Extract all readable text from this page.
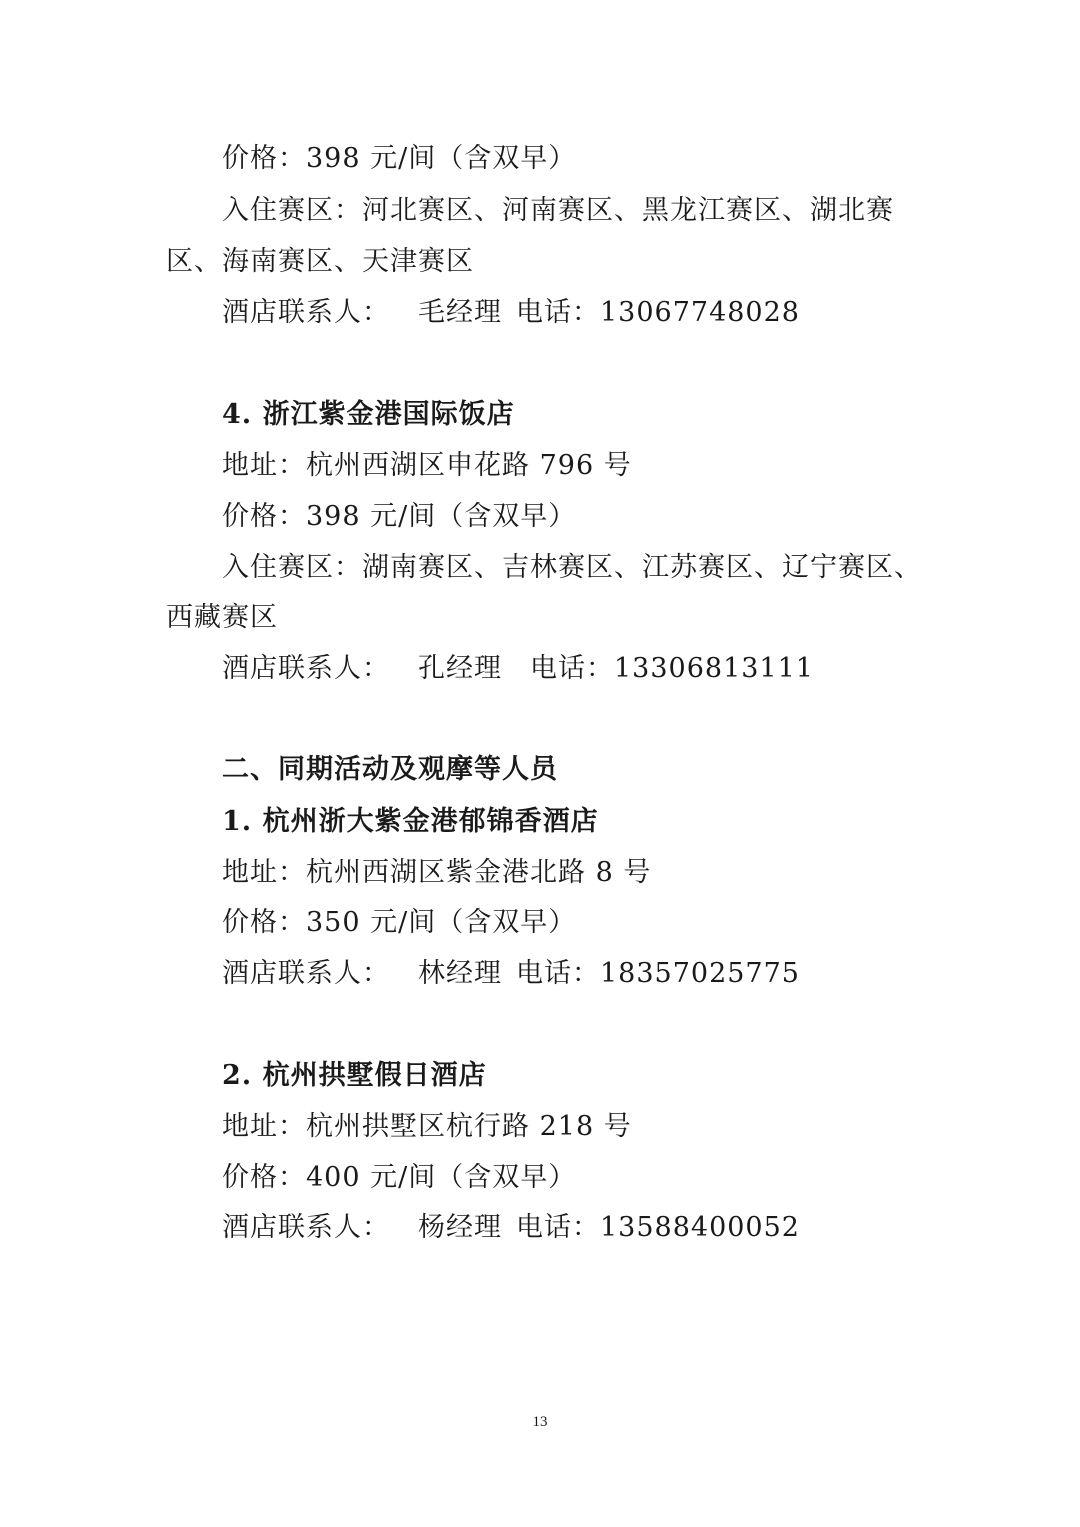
价格：398 元/间（含双早）
入住赛区：河北赛区、河南赛区、黑龙江赛区、湖北赛
区、海南赛区、天津赛区
酒店联系人： 毛经理 电话：13067748028
4. 浙江紫金港国际饭店
地址：杭州西湖区申花路 796 号
价格：398 元/间（含双早）
入住赛区：湖南赛区、吉林赛区、江苏赛区、辽宁赛区、
西藏赛区
酒店联系人： 孔经理 电话：13306813111
二、同期活动及观摩等人员
1. 杭州浙大紫金港郁锦香酒店
地址：杭州西湖区紫金港北路 8 号
价格：350 元/间（含双早）
酒店联系人： 林经理 电话：18357025775
2. 杭州拱墅假日酒店
地址：杭州拱墅区杭行路 218 号
价格：400 元/间（含双早）
酒店联系人： 杨经理 电话：13588400052
13
